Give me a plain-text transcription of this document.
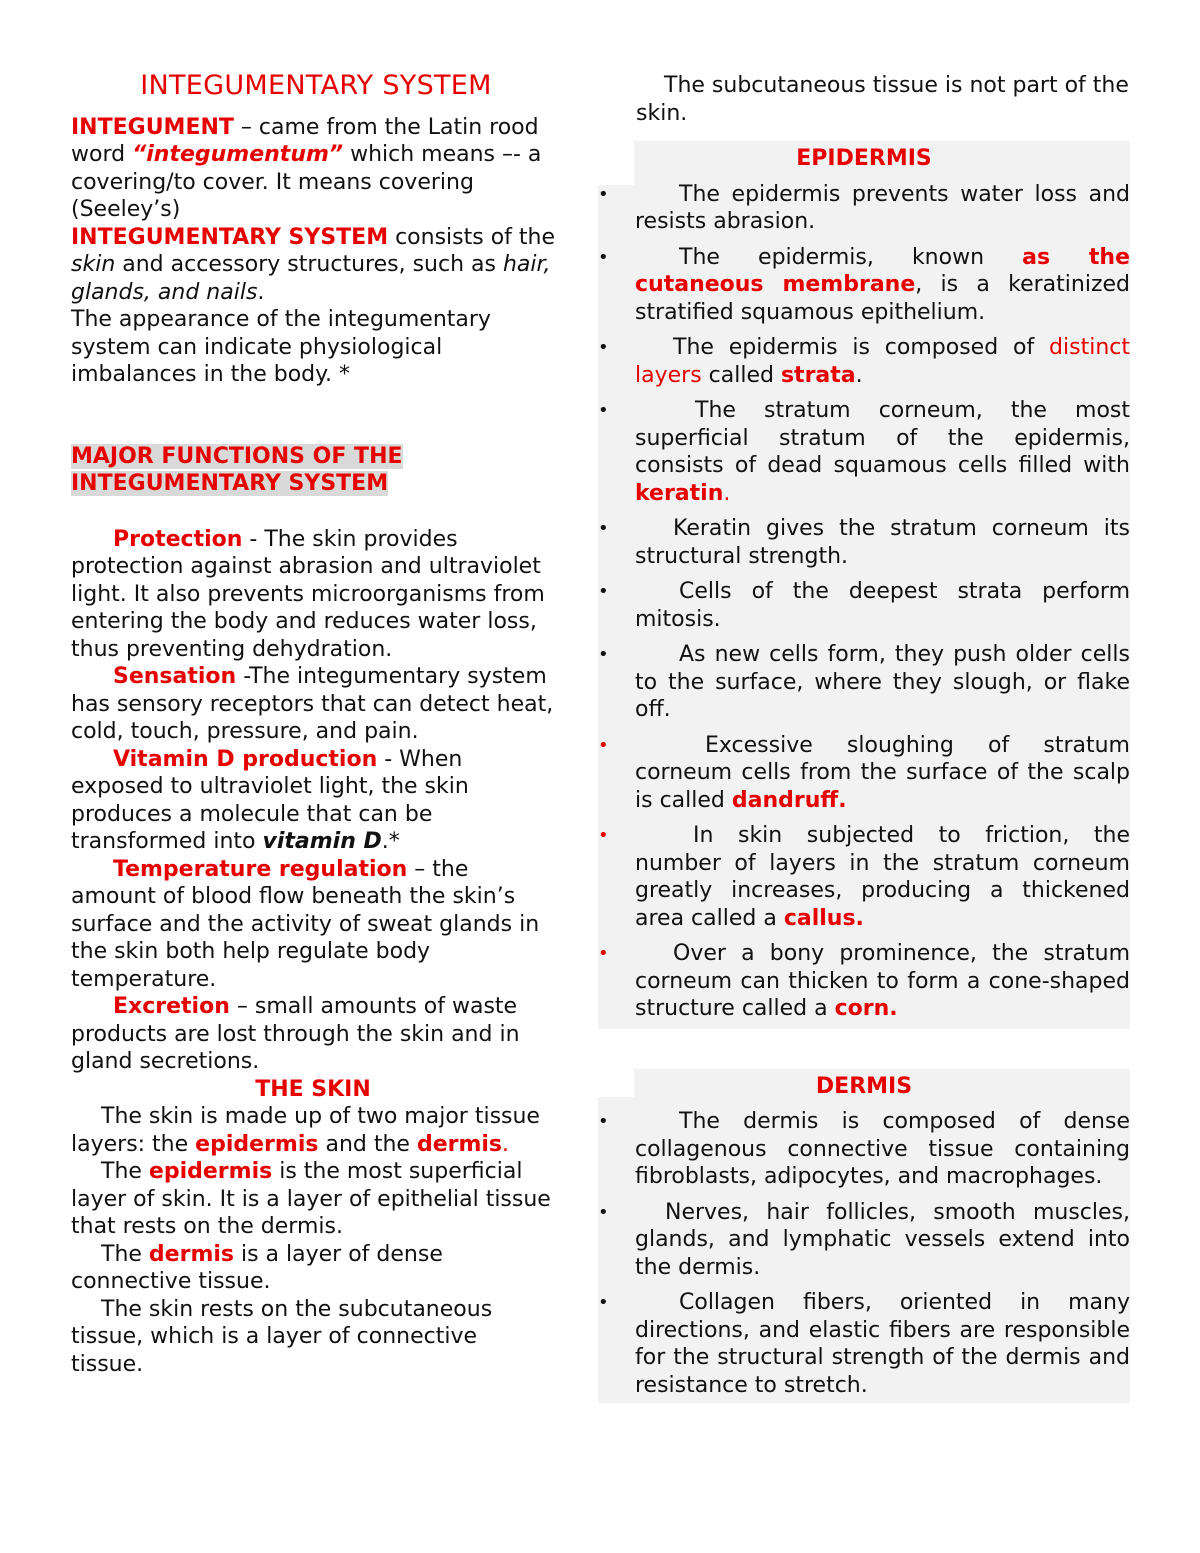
INTEGUMENTARY SYSTEM

INTEGUMENT – came from the Latin rood word “integumentum” which means –- a covering/to cover. It means covering (Seeley’s)

INTEGUMENTARY SYSTEM consists of the skin and accessory structures, such as hair, glands, and nails.

The appearance of the integumentary system can indicate physiological imbalances in the body. *

MAJOR FUNCTIONS OF THE
INTEGUMENTARY SYSTEM

Protection - The skin provides protection against abrasion and ultraviolet light. It also prevents microorganisms from entering the body and reduces water loss, thus preventing dehydration.

Sensation -The integumentary system has sensory receptors that can detect heat, cold, touch, pressure, and pain.

Vitamin D production - When exposed to ultraviolet light, the skin produces a molecule that can be transformed into vitamin D.*

Temperature regulation – the amount of blood flow beneath the skin’s surface and the activity of sweat glands in the skin both help regulate body temperature.

Excretion – small amounts of waste products are lost through the skin and in gland secretions.

THE SKIN

The skin is made up of two major tissue layers: the epidermis and the dermis.

The epidermis is the most superficial layer of skin. It is a layer of epithelial tissue that rests on the dermis.

The dermis is a layer of dense connective tissue.

The skin rests on the subcutaneous tissue, which is a layer of connective tissue.

The subcutaneous tissue is not part of the skin.

EPIDERMIS
•	The epidermis prevents water loss and resists abrasion.
•	The epidermis, known as the cutaneous membrane, is a keratinized stratified squamous epithelium.
•	The epidermis is composed of distinct layers called strata.
•	The stratum corneum, the most superficial stratum of the epidermis, consists of dead squamous cells filled with keratin.
•	Keratin gives the stratum corneum its structural strength.
•	Cells of the deepest strata perform mitosis.
•	As new cells form, they push older cells to the surface, where they slough, or flake off.
•	Excessive sloughing of stratum corneum cells from the surface of the scalp is called dandruff.
•	In skin subjected to friction, the number of layers in the stratum corneum greatly increases, producing a thickened area called a callus.
•	Over a bony prominence, the stratum corneum can thicken to form a cone-shaped structure called a corn.
DERMIS
•	The dermis is composed of dense collagenous connective tissue containing fibroblasts, adipocytes, and macrophages.
•	Nerves, hair follicles, smooth muscles, glands, and lymphatic vessels extend into the dermis.
•	Collagen fibers, oriented in many directions, and elastic fibers are responsible for the structural strength of the dermis and resistance to stretch.
